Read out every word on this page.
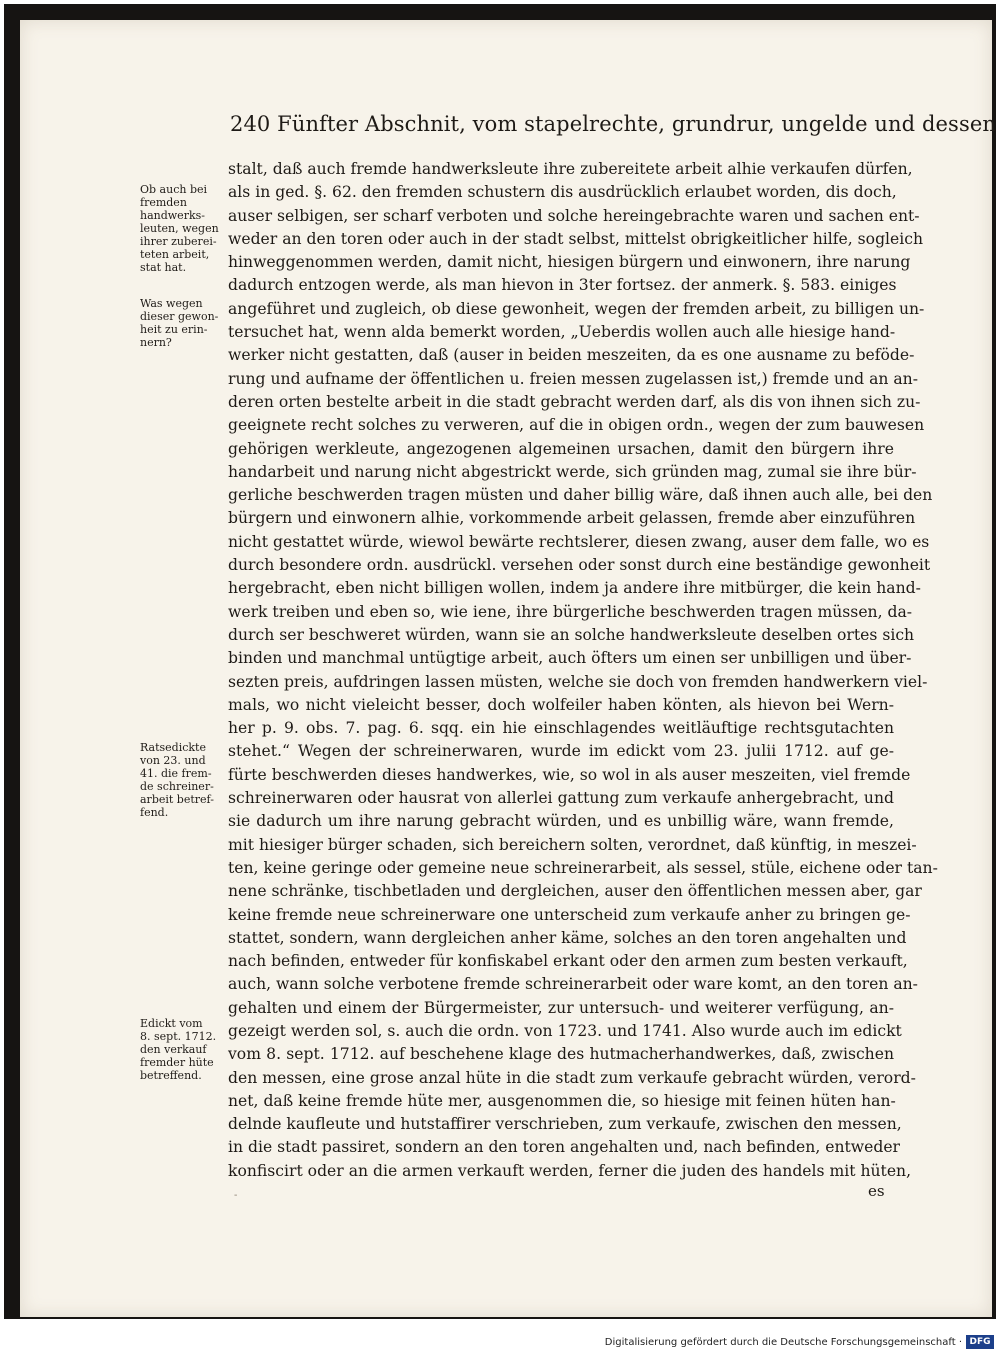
240 Fünfter Abschnit, vom stapelrechte, grundrur, ungelde und dessen
stalt, daß auch fremde handwerksleute ihre zubereitete arbeit alhie verkaufen dürfen,
als in ged. §. 62. den fremden schustern dis ausdrücklich erlaubet worden, dis doch,
auser selbigen, ser scharf verboten und solche hereingebrachte waren und sachen ent-
weder an den toren oder auch in der stadt selbst, mittelst obrigkeitlicher hilfe, sogleich
hinweggenommen werden, damit nicht, hiesigen bürgern und einwonern, ihre narung
dadurch entzogen werde, als man hievon in 3ter fortsez. der anmerk. §. 583. einiges
angeführet und zugleich, ob diese gewonheit, wegen der fremden arbeit, zu billigen un-
tersuchet hat, wenn alda bemerkt worden, „Ueberdis wollen auch alle hiesige hand-
werker nicht gestatten, daß (auser in beiden meszeiten, da es one ausname zu beföde-
rung und aufname der öffentlichen u. freien messen zugelassen ist,) fremde und an an-
deren orten bestelte arbeit in die stadt gebracht werden darf, als dis von ihnen sich zu-
geeignete recht solches zu verweren, auf die in obigen ordn., wegen der zum bauwesen
gehörigen werkleute, angezogenen algemeinen ursachen, damit den bürgern ihre
handarbeit und narung nicht abgestrickt werde, sich gründen mag, zumal sie ihre bür-
gerliche beschwerden tragen müsten und daher billig wäre, daß ihnen auch alle, bei den
bürgern und einwonern alhie, vorkommende arbeit gelassen, fremde aber einzuführen
nicht gestattet würde, wiewol bewärte rechtslerer, diesen zwang, auser dem falle, wo es
durch besondere ordn. ausdrückl. versehen oder sonst durch eine beständige gewonheit
hergebracht, eben nicht billigen wollen, indem ja andere ihre mitbürger, die kein hand-
werk treiben und eben so, wie iene, ihre bürgerliche beschwerden tragen müssen, da-
durch ser beschweret würden, wann sie an solche handwerksleute deselben ortes sich
binden und manchmal untügtige arbeit, auch öfters um einen ser unbilligen und über-
sezten preis, aufdringen lassen müsten, welche sie doch von fremden handwerkern viel-
mals, wo nicht vieleicht besser, doch wolfeiler haben könten, als hievon bei Wern-
her p. 9. obs. 7. pag. 6. sqq. ein hie einschlagendes weitläuftige rechtsgutachten
stehet.“ Wegen der schreinerwaren, wurde im edickt vom 23. julii 1712. auf ge-
fürte beschwerden dieses handwerkes, wie, so wol in als auser meszeiten, viel fremde
schreinerwaren oder hausrat von allerlei gattung zum verkaufe anhergebracht, und
sie dadurch um ihre narung gebracht würden, und es unbillig wäre, wann fremde,
mit hiesiger bürger schaden, sich bereichern solten, verordnet, daß künftig, in meszei-
ten, keine geringe oder gemeine neue schreinerarbeit, als sessel, stüle, eichene oder tan-
nene schränke, tischbetladen und dergleichen, auser den öffentlichen messen aber, gar
keine fremde neue schreinerware one unterscheid zum verkaufe anher zu bringen ge-
stattet, sondern, wann dergleichen anher käme, solches an den toren angehalten und
nach befinden, entweder für konfiskabel erkant oder den armen zum besten verkauft,
auch, wann solche verbotene fremde schreinerarbeit oder ware komt, an den toren an-
gehalten und einem der Bürgermeister, zur untersuch- und weiterer verfügung, an-
gezeigt werden sol, s. auch die ordn. von 1723. und 1741. Also wurde auch im edickt
vom 8. sept. 1712. auf beschehene klage des hutmacherhandwerkes, daß, zwischen
den messen, eine grose anzal hüte in die stadt zum verkaufe gebracht würden, verord-
net, daß keine fremde hüte mer, ausgenommen die, so hiesige mit feinen hüten han-
delnde kaufleute und hutstaffirer verschrieben, zum verkaufe, zwischen den messen,
in die stadt passiret, sondern an den toren angehalten und, nach befinden, entweder
konfiscirt oder an die armen verkauft werden, ferner die juden des handels mit hüten,
Ob auch bei
fremden
handwerks-
leuten, wegen
ihrer zuberei-
teten arbeit,
stat hat.
Was wegen
dieser gewon-
heit zu erin-
nern?
Ratsedickte
von 23. und
41. die frem-
de schreiner-
arbeit betref-
fend.
Edickt vom
8. sept. 1712.
den verkauf
fremder hüte
betreffend.
es
-
Digitalisierung gefördert durch die Deutsche Forschungsgemeinschaft · DFG
